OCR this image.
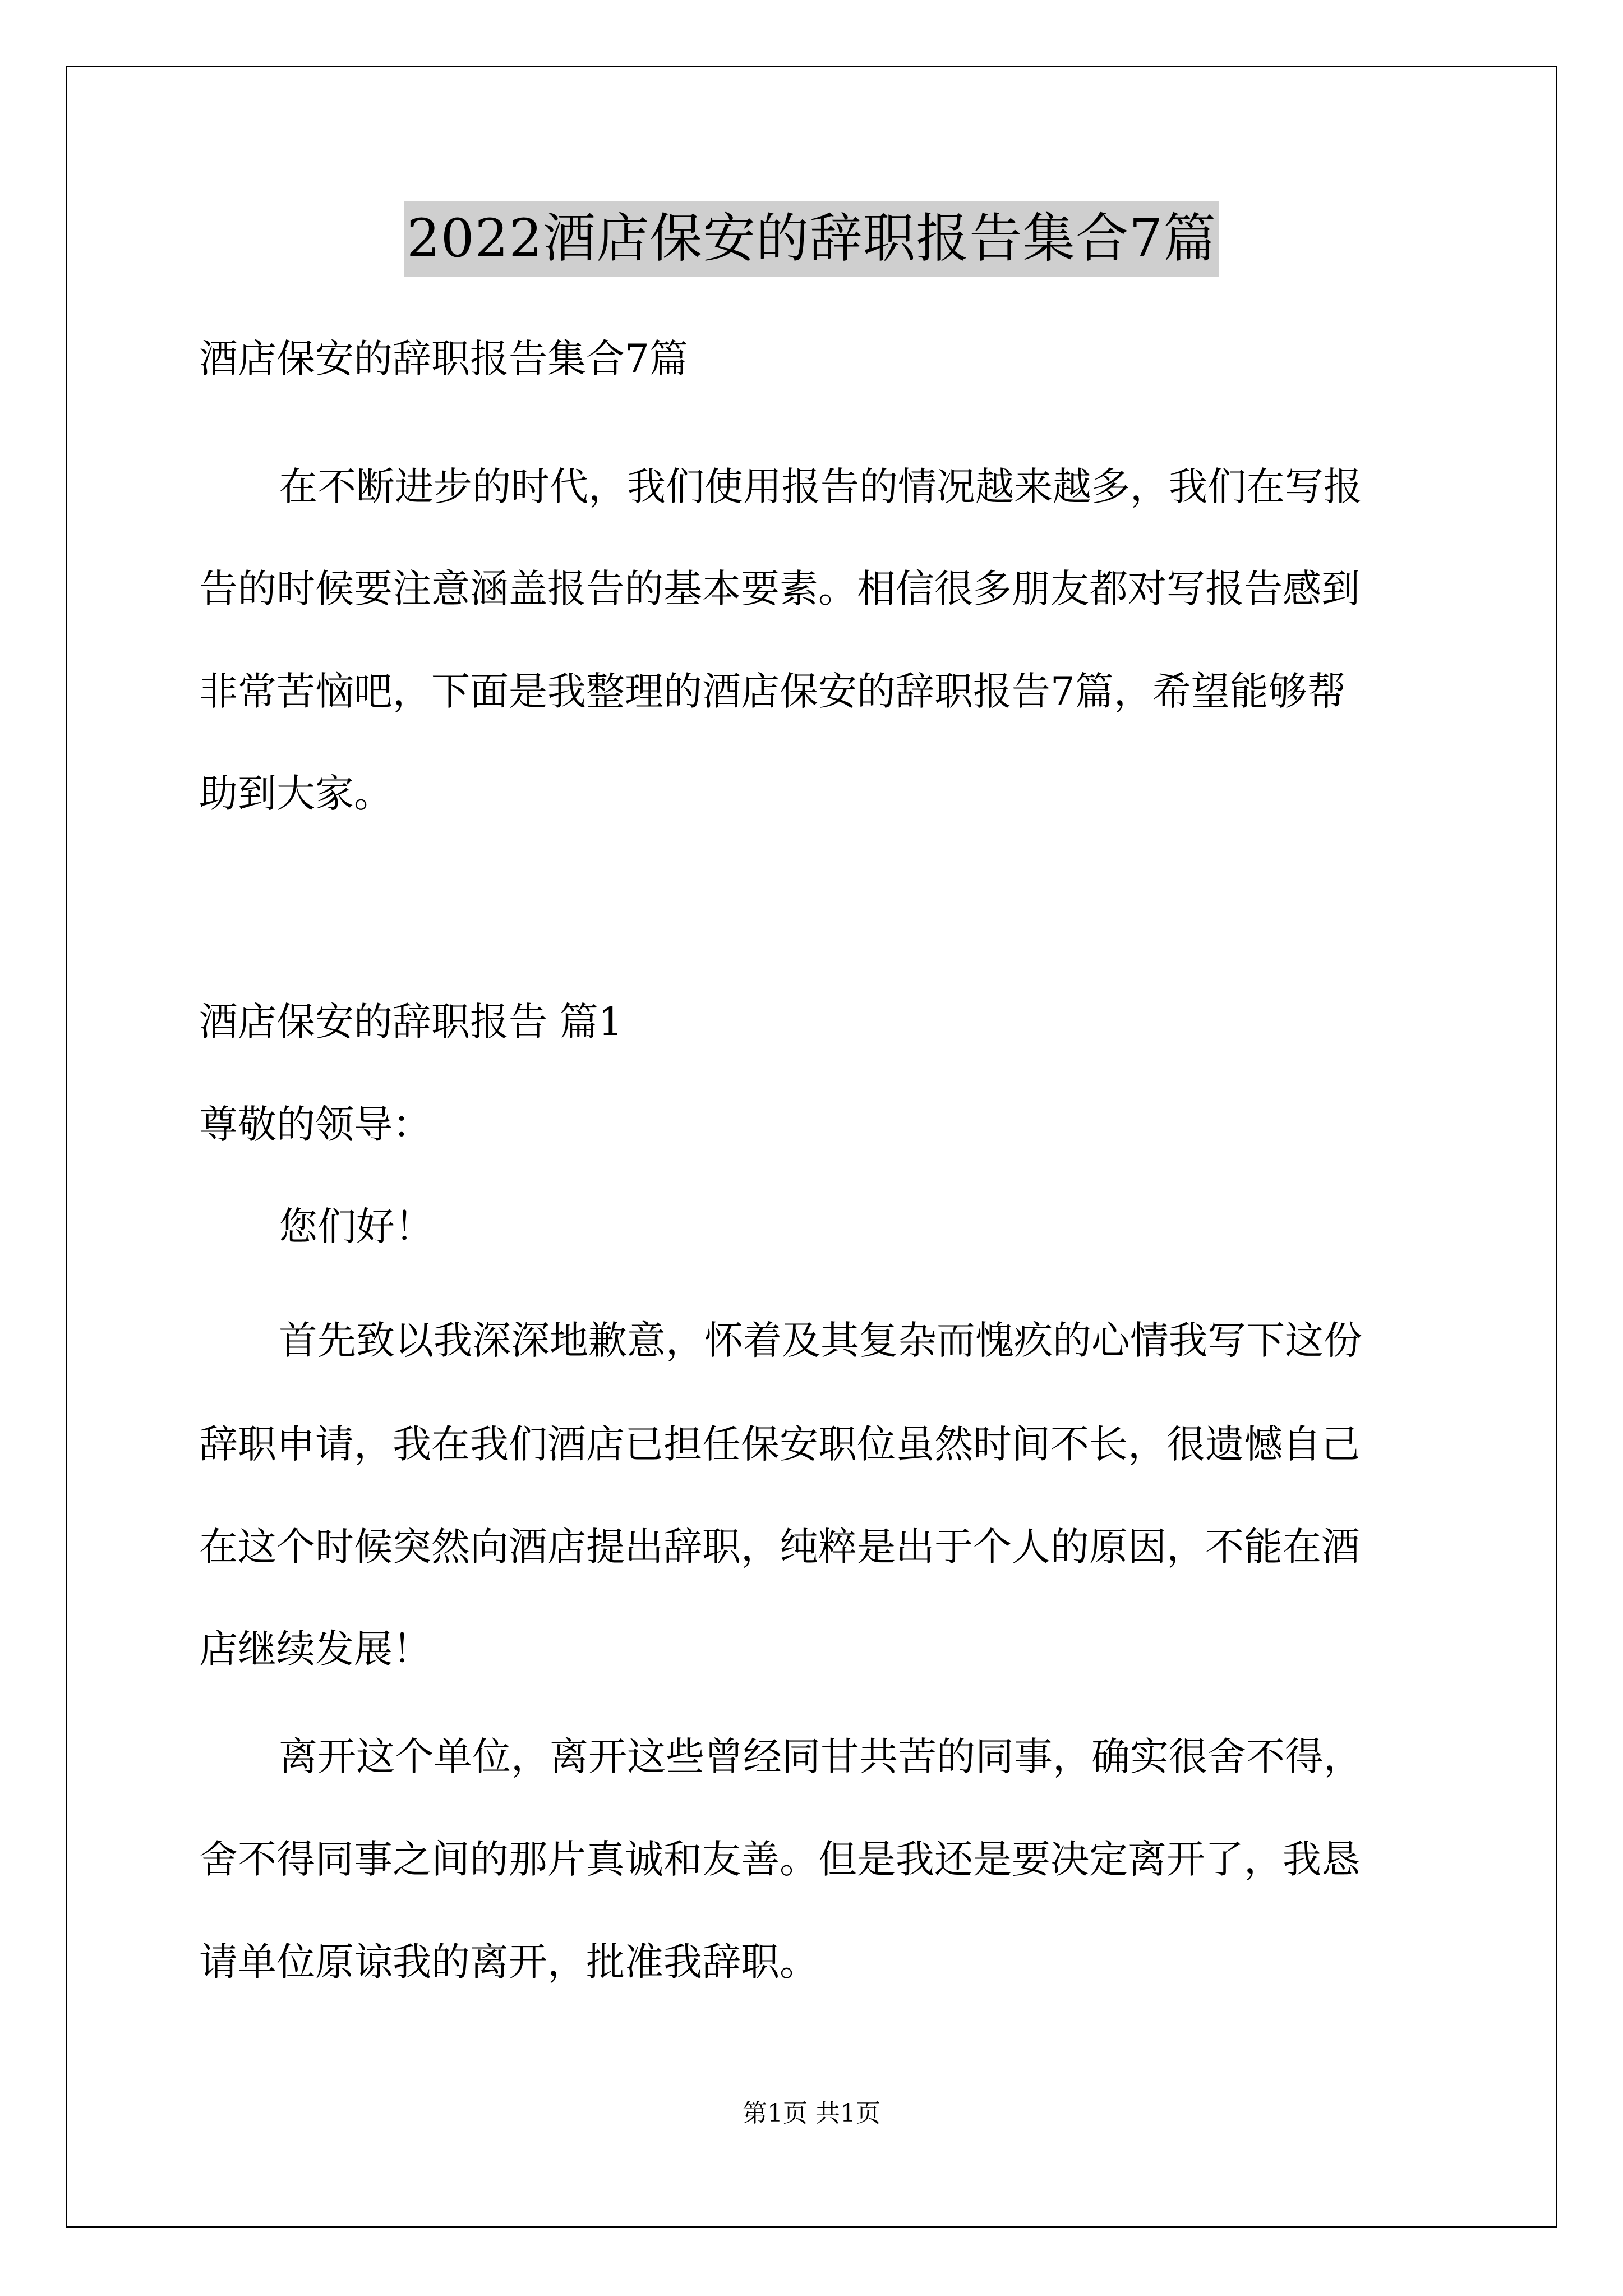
2022酒店保安的辞职报告集合7篇
酒店保安的辞职报告集合7篇
在不断进步的时代，我们使用报告的情况越来越多，我们在写报
告的时候要注意涵盖报告的基本要素。相信很多朋友都对写报告感到
非常苦恼吧，下面是我整理的酒店保安的辞职报告7篇，希望能够帮
助到大家。
酒店保安的辞职报告 篇1
尊敬的领导：
您们好！
首先致以我深深地歉意，怀着及其复杂而愧疚的心情我写下这份
辞职申请，我在我们酒店已担任保安职位虽然时间不长，很遗憾自己
在这个时候突然向酒店提出辞职，纯粹是出于个人的原因，不能在酒
店继续发展！
离开这个单位，离开这些曾经同甘共苦的同事，确实很舍不得，
舍不得同事之间的那片真诚和友善。但是我还是要决定离开了，我恳
请单位原谅我的离开，批准我辞职。
第1页 共1页
